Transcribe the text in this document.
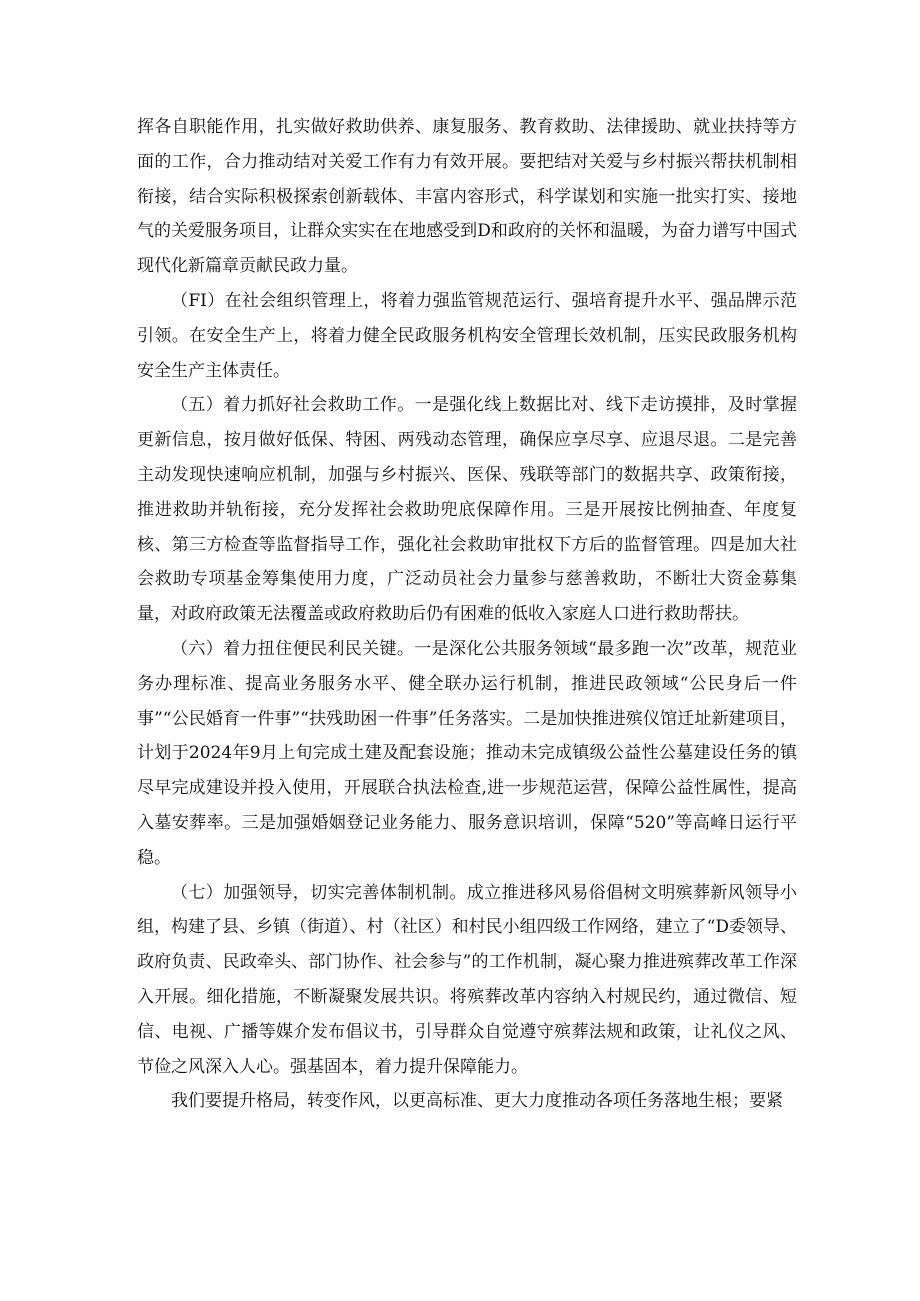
挥各自职能作用，扎实做好救助供养、康复服务、教育救助、法律援助、就业扶持等方面的工作，合力推动结对关爱工作有力有效开展。要把结对关爱与乡村振兴帮扶机制相衔接，结合实际积极探索创新载体、丰富内容形式，科学谋划和实施一批实打实、接地气的关爱服务项目，让群众实实在在地感受到D和政府的关怀和温暖，为奋力谱写中国式现代化新篇章贡献民政力量。

（FI）在社会组织管理上，将着力强监管规范运行、强培育提升水平、强品牌示范引领。在安全生产上，将着力健全民政服务机构安全管理长效机制，压实民政服务机构安全生产主体责任。

（五）着力抓好社会救助工作。一是强化线上数据比对、线下走访摸排，及时掌握更新信息，按月做好低保、特困、两残动态管理，确保应享尽享、应退尽退。二是完善主动发现快速响应机制，加强与乡村振兴、医保、残联等部门的数据共享、政策衔接，推进救助并轨衔接，充分发挥社会救助兜底保障作用。三是开展按比例抽查、年度复核、第三方检查等监督指导工作，强化社会救助审批权下方后的监督管理。四是加大社会救助专项基金筹集使用力度，广泛动员社会力量参与慈善救助，不断壮大资金募集量，对政府政策无法覆盖或政府救助后仍有困难的低收入家庭人口进行救助帮扶。

（六）着力扭住便民利民关键。一是深化公共服务领域“最多跑一次”改革，规范业务办理标准、提高业务服务水平、健全联办运行机制，推进民政领域“公民身后一件事”“公民婚育一件事”“扶残助困一件事”任务落实。二是加快推进殡仪馆迁址新建项目，计划于2024年9月上旬完成土建及配套设施；推动未完成镇级公益性公墓建设任务的镇尽早完成建设并投入使用，开展联合执法检查,进一步规范运营，保障公益性属性，提高入墓安葬率。三是加强婚姻登记业务能力、服务意识培训，保障“520”等高峰日运行平稳。

（七）加强领导，切实完善体制机制。成立推进移风易俗倡树文明殡葬新风领导小组，构建了县、乡镇（街道）、村（社区）和村民小组四级工作网络，建立了“D委领导、政府负责、民政牵头、部门协作、社会参与”的工作机制，凝心聚力推进殡葬改革工作深入开展。细化措施，不断凝聚发展共识。将殡葬改革内容纳入村规民约，通过微信、短信、电视、广播等媒介发布倡议书，引导群众自觉遵守殡葬法规和政策，让礼仪之风、节俭之风深入人心。强基固本，着力提升保障能力。

我们要提升格局，转变作风，以更高标准、更大力度推动各项任务落地生根；要紧
